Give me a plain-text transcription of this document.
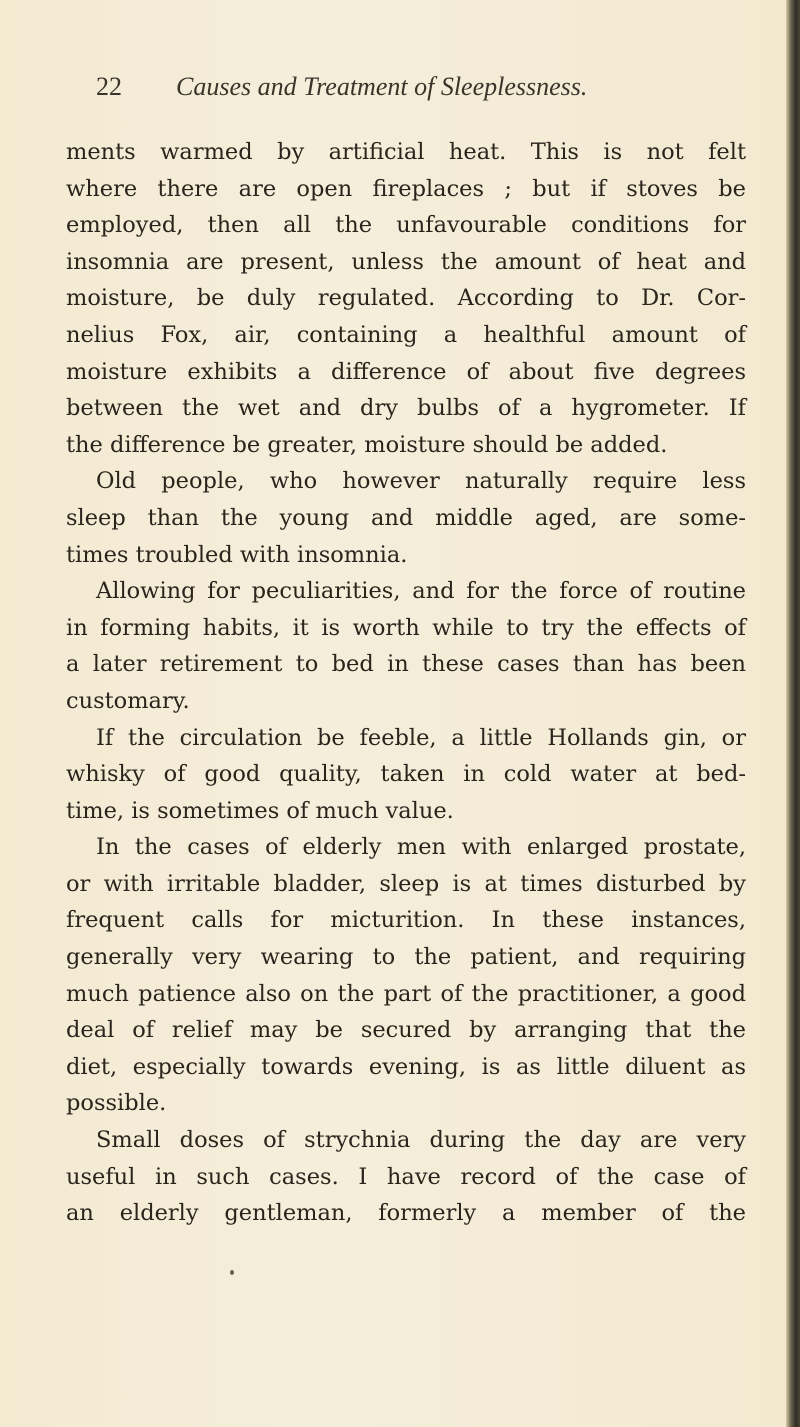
22 Causes and Treatment of Sleeplessness.
ments warmed by artificial heat. This is not felt
where there are open fireplaces ; but if stoves be
employed, then all the unfavourable conditions for
insomnia are present, unless the amount of heat and
moisture, be duly regulated. According to Dr. Cor-
nelius Fox, air, containing a healthful amount of
moisture exhibits a difference of about five degrees
between the wet and dry bulbs of a hygrometer. If
the difference be greater, moisture should be added.
Old people, who however naturally require less
sleep than the young and middle aged, are some-
times troubled with insomnia.
Allowing for peculiarities, and for the force of routine
in forming habits, it is worth while to try the effects of
a later retirement to bed in these cases than has been
customary.
If the circulation be feeble, a little Hollands gin, or
whisky of good quality, taken in cold water at bed-
time, is sometimes of much value.
In the cases of elderly men with enlarged prostate,
or with irritable bladder, sleep is at times disturbed by
frequent calls for micturition. In these instances,
generally very wearing to the patient, and requiring
much patience also on the part of the practitioner, a good
deal of relief may be secured by arranging that the
diet, especially towards evening, is as little diluent as
possible.
Small doses of strychnia during the day are very
useful in such cases. I have record of the case of
an elderly gentleman, formerly a member of the
